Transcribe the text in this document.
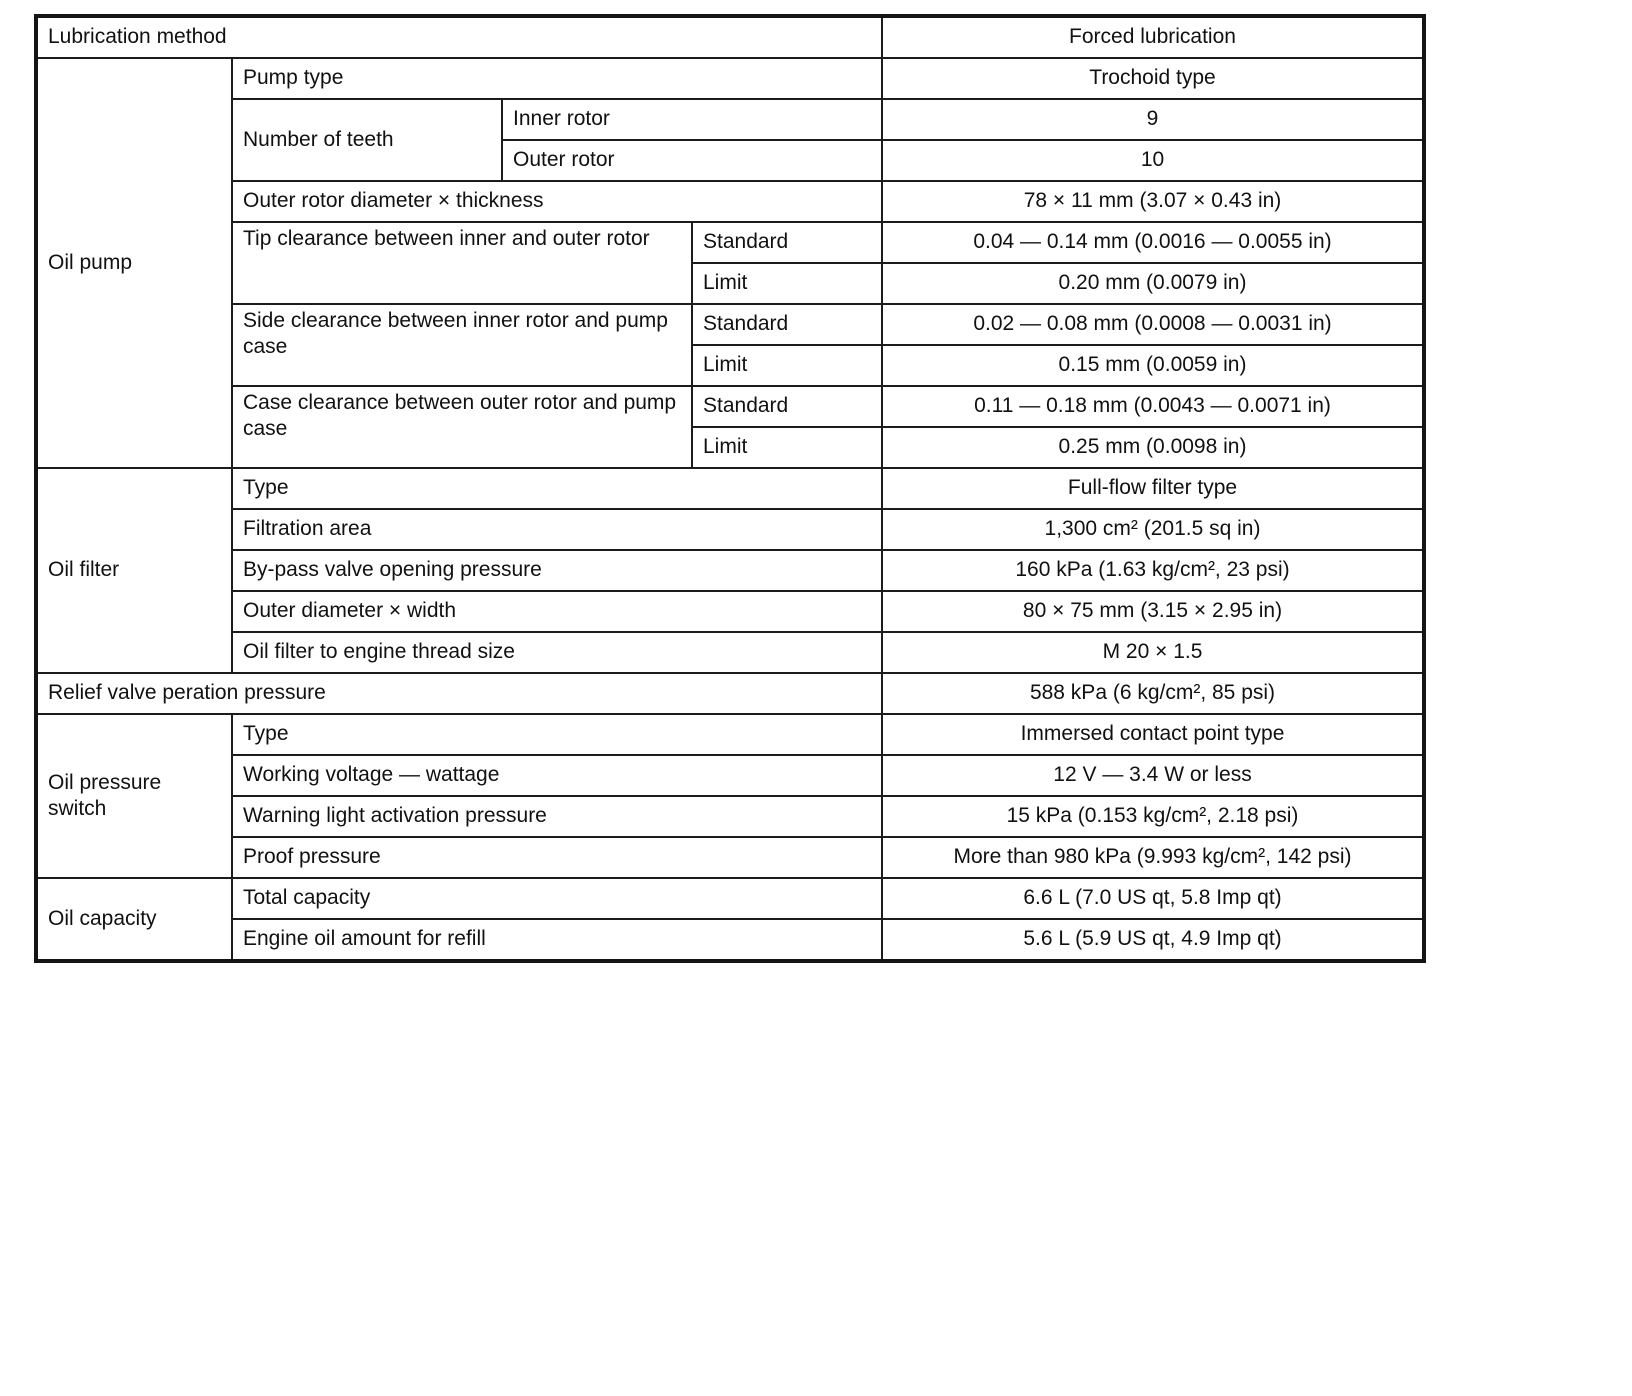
Lubrication method				Forced lubrication
Oil pump	Pump type			Trochoid type
	Number of teeth	Inner rotor		9
		Outer rotor		10
	Outer rotor diameter × thickness			78 × 11 mm (3.07 × 0.43 in)
	Tip clearance between inner and outer rotor		Standard	0.04 — 0.14 mm (0.0016 — 0.0055 in)
			Limit	0.20 mm (0.0079 in)
	Side clearance between inner rotor and pump case		Standard	0.02 — 0.08 mm (0.0008 — 0.0031 in)
			Limit	0.15 mm (0.0059 in)
	Case clearance between outer rotor and pump case		Standard	0.11 — 0.18 mm (0.0043 — 0.0071 in)
			Limit	0.25 mm (0.0098 in)
Oil filter	Type			Full-flow filter type
	Filtration area			1,300 cm² (201.5 sq in)
	By-pass valve opening pressure			160 kPa (1.63 kg/cm², 23 psi)
	Outer diameter × width			80 × 75 mm (3.15 × 2.95 in)
	Oil filter to engine thread size			M 20 × 1.5
Relief valve peration pressure				588 kPa (6 kg/cm², 85 psi)
Oil pressure switch	Type			Immersed contact point type
	Working voltage — wattage			12 V — 3.4 W or less
	Warning light activation pressure			15 kPa (0.153 kg/cm², 2.18 psi)
	Proof pressure			More than 980 kPa (9.993 kg/cm², 142 psi)
Oil capacity	Total capacity			6.6 L (7.0 US qt, 5.8 Imp qt)
	Engine oil amount for refill			5.6 L (5.9 US qt, 4.9 Imp qt)
